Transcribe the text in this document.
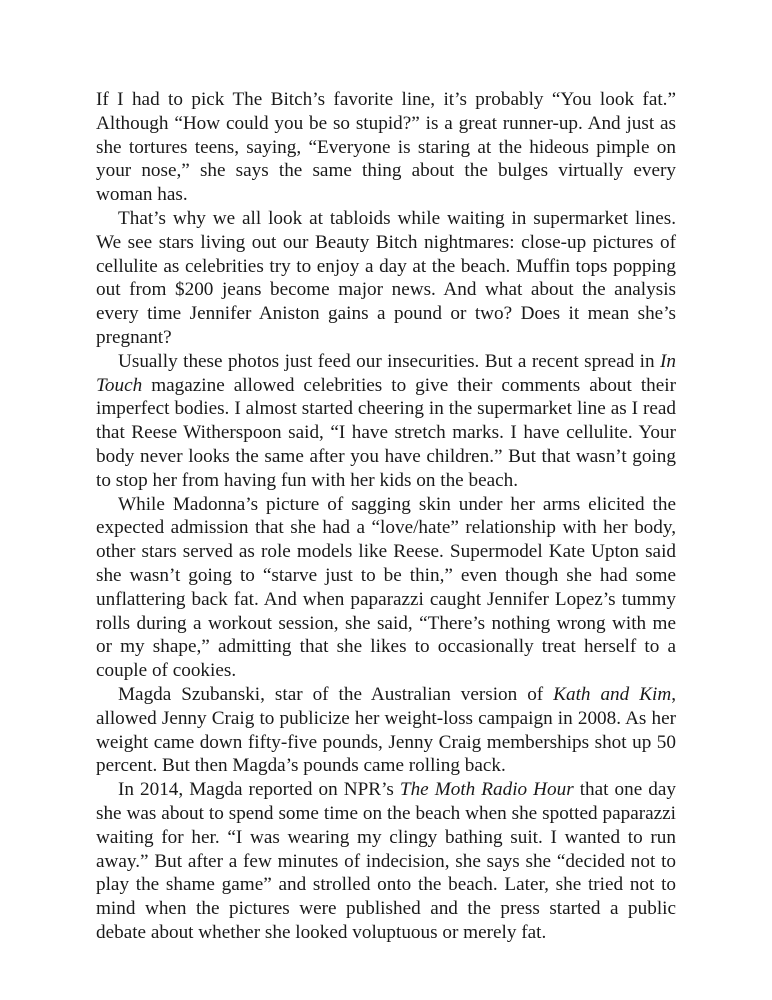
If I had to pick The Bitch’s favorite line, it’s probably “You look fat.” Although “How could you be so stupid?” is a great runner-up. And just as she tortures teens, saying, “Everyone is staring at the hideous pimple on your nose,” she says the same thing about the bulges virtually every woman has.

That’s why we all look at tabloids while waiting in supermarket lines. We see stars living out our Beauty Bitch nightmares: close-up pictures of cellulite as celebrities try to enjoy a day at the beach. Muffin tops popping out from $200 jeans become major news. And what about the analysis every time Jennifer Aniston gains a pound or two? Does it mean she’s pregnant?

Usually these photos just feed our insecurities. But a recent spread in In Touch magazine allowed celebrities to give their comments about their imperfect bodies. I almost started cheering in the supermarket line as I read that Reese Witherspoon said, “I have stretch marks. I have cellulite. Your body never looks the same after you have children.” But that wasn’t going to stop her from having fun with her kids on the beach.

While Madonna’s picture of sagging skin under her arms elicited the expected admission that she had a “love/hate” relationship with her body, other stars served as role models like Reese. Supermodel Kate Upton said she wasn’t going to “starve just to be thin,” even though she had some unflattering back fat. And when paparazzi caught Jennifer Lopez’s tummy rolls during a workout session, she said, “There’s nothing wrong with me or my shape,” admitting that she likes to occasionally treat herself to a couple of cookies.

Magda Szubanski, star of the Australian version of Kath and Kim, allowed Jenny Craig to publicize her weight-loss campaign in 2008. As her weight came down fifty-five pounds, Jenny Craig memberships shot up 50 percent. But then Magda’s pounds came rolling back.

In 2014, Magda reported on NPR’s The Moth Radio Hour that one day she was about to spend some time on the beach when she spotted paparazzi waiting for her. “I was wearing my clingy bathing suit. I wanted to run away.” But after a few minutes of indecision, she says she “decided not to play the shame game” and strolled onto the beach. Later, she tried not to mind when the pictures were published and the press started a public debate about whether she looked voluptuous or merely fat.
